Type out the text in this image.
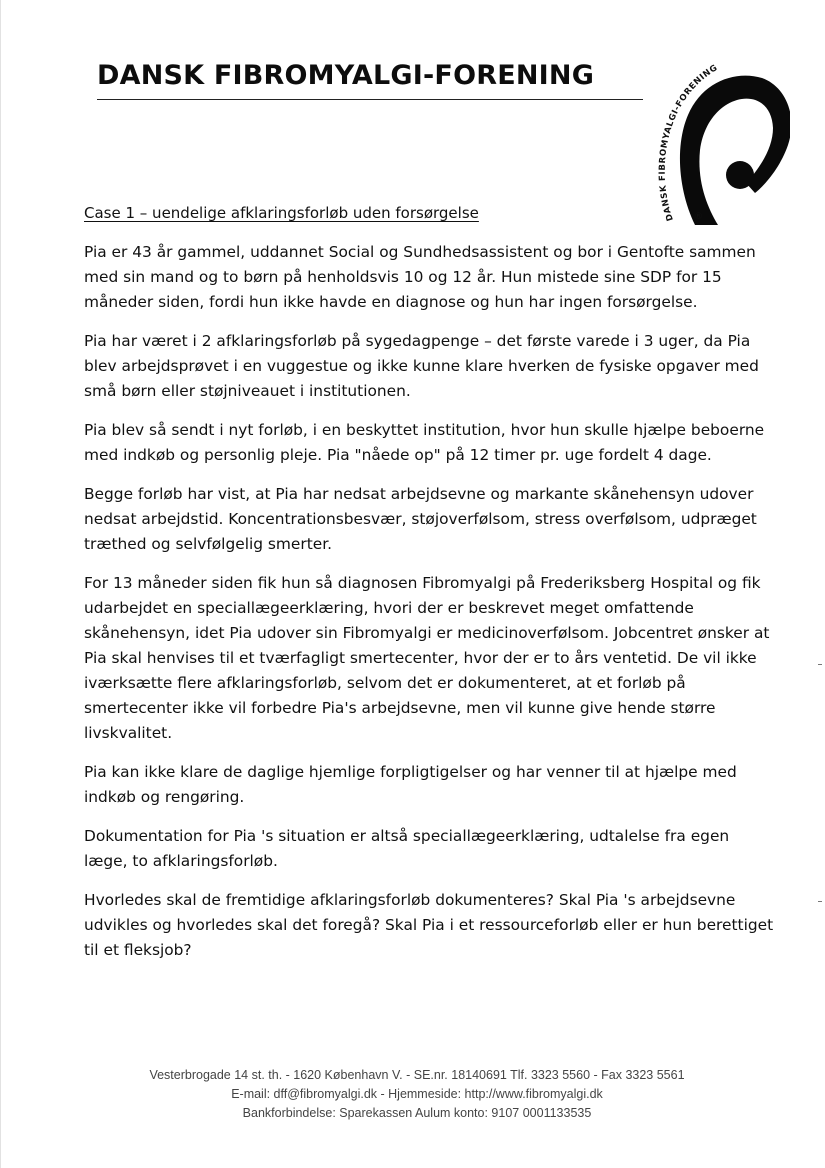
DANSK FIBROMYALGI-FORENING
DANSK FIBROMYALGI-FORENING
®
Case 1 – uendelige afklaringsforløb uden forsørgelse

Pia er 43 år gammel, uddannet Social og Sundhedsassistent og bor i Gentofte sammen med sin mand og to børn på henholdsvis 10 og 12 år. Hun mistede sine SDP for 15 måneder siden, fordi hun ikke havde en diagnose og hun har ingen forsørgelse.

Pia har været i 2 afklaringsforløb på sygedagpenge – det første varede i 3 uger, da Pia blev arbejdsprøvet i en vuggestue og ikke kunne klare hverken de fysiske opgaver med små børn eller støjniveauet i institutionen.

Pia blev så sendt i nyt forløb, i en beskyttet institution, hvor hun skulle hjælpe beboerne med indkøb og personlig pleje. Pia "nåede op" på 12 timer pr. uge fordelt 4 dage.

Begge forløb har vist, at Pia har nedsat arbejdsevne og markante skånehensyn udover nedsat arbejdstid. Koncentrationsbesvær, støjoverfølsom, stress overfølsom, udpræget træthed og selvfølgelig smerter.

For 13 måneder siden fik hun så diagnosen Fibromyalgi på Frederiksberg Hospital og fik udarbejdet en speciallægeerklæring, hvori der er beskrevet meget omfattende skånehensyn, idet Pia udover sin Fibromyalgi er medicinoverfølsom. Jobcentret ønsker at Pia skal henvises til et tværfagligt smertecenter, hvor der er to års ventetid. De vil ikke iværksætte flere afklaringsforløb, selvom det er dokumenteret, at et forløb på smertecenter ikke vil forbedre Pia's arbejdsevne, men vil kunne give hende større livskvalitet.

Pia kan ikke klare de daglige hjemlige forpligtigelser og har venner til at hjælpe med indkøb og rengøring.

Dokumentation for Pia 's situation er altså speciallægeerklæring, udtalelse fra egen læge, to afklaringsforløb.

Hvorledes skal de fremtidige afklaringsforløb dokumenteres? Skal Pia 's arbejdsevne udvikles og hvorledes skal det foregå? Skal Pia i et ressourceforløb eller er hun berettiget til et fleksjob?

Vesterbrogade 14 st. th. - 1620 København V. - SE.nr. 18140691 Tlf. 3323 5560 - Fax 3323 5561
E-mail: dff@fibromyalgi.dk - Hjemmeside: http://www.fibromyalgi.dk
Bankforbindelse: Sparekassen Aulum konto: 9107 0001133535
